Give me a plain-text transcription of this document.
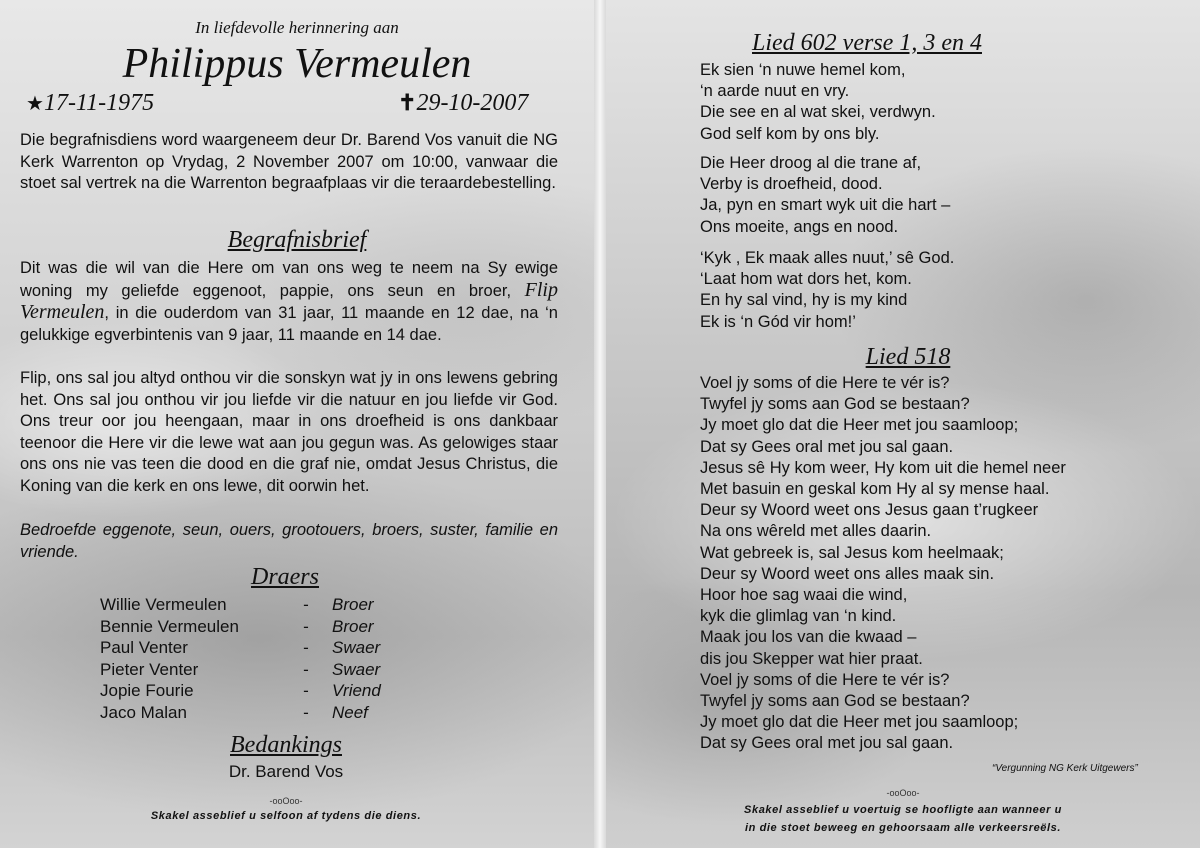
In liefdevolle herinnering aan
Philippus Vermeulen
★17-11-1975	✝29-10-2007
Die begrafnisdiens word waargeneem deur Dr. Barend Vos vanuit die NG Kerk Warrenton op Vrydag, 2 November 2007 om 10:00, vanwaar die stoet sal vertrek na die Warrenton begraafplaas vir die teraardebestelling.
Begrafnisbrief
Dit was die wil van die Here om van ons weg te neem na Sy ewige woning my geliefde eggenoot, pappie, ons seun en broer, Flip Vermeulen, in die ouderdom van 31 jaar, 11 maande en 12 dae, na ‘n gelukkige egverbintenis van 9 jaar, 11 maande en 14 dae.
Flip, ons sal jou altyd onthou vir die sonskyn wat jy in ons lewens gebring het. Ons sal jou onthou vir jou liefde vir die natuur en jou liefde vir God. Ons treur oor jou heengaan, maar in ons droefheid is ons dankbaar teenoor die Here vir die lewe wat aan jou gegun was. As gelowiges staar ons ons nie vas teen die dood en die graf nie, omdat Jesus Christus, die Koning van die kerk en ons lewe, dit oorwin het.
Bedroefde eggenote, seun, ouers, grootouers, broers, suster, familie en vriende.
Draers
Willie Vermeulen	-	Broer
Bennie Vermeulen	-	Broer
Paul Venter	-	Swaer
Pieter Venter	-	Swaer
Jopie Fourie	-	Vriend
Jaco Malan	-	Neef
Bedankings
Dr. Barend Vos
-ooOoo-
Skakel asseblief u selfoon af tydens die diens.
Lied 602 verse 1, 3 en 4
Ek sien ‘n nuwe hemel kom,
‘n aarde nuut en vry.
Die see en al wat skei, verdwyn.
God self kom by ons bly.
Die Heer droog al die trane af,
Verby is droefheid, dood.
Ja, pyn en smart wyk uit die hart –
Ons moeite, angs en nood.
‘Kyk , Ek maak alles nuut,’ sê God.
‘Laat hom wat dors het, kom.
En hy sal vind, hy is my kind
Ek is ‘n Gód vir hom!’
Lied 518
Voel jy soms of die Here te vér is?
Twyfel jy soms aan God se bestaan?
Jy moet glo dat die Heer met jou saamloop;
Dat sy Gees oral met jou sal gaan.
Jesus sê Hy kom weer, Hy kom uit die hemel neer
Met basuin en geskal kom Hy al sy mense haal.
Deur sy Woord weet ons Jesus gaan t’rugkeer
Na ons wêreld met alles daarin.
Wat gebreek is, sal Jesus kom heelmaak;
Deur sy Woord weet ons alles maak sin.
Hoor hoe sag waai die wind,
kyk die glimlag van ‘n kind.
Maak jou los van die kwaad –
dis jou Skepper wat hier praat.
Voel jy soms of die Here te vér is?
Twyfel jy soms aan God se bestaan?
Jy moet glo dat die Heer met jou saamloop;
Dat sy Gees oral met jou sal gaan.
“Vergunning NG Kerk Uitgewers”
-ooOoo-
Skakel asseblief u voertuig se hoofligte aan wanneer u
in die stoet beweeg en gehoorsaam alle verkeersreëls.
